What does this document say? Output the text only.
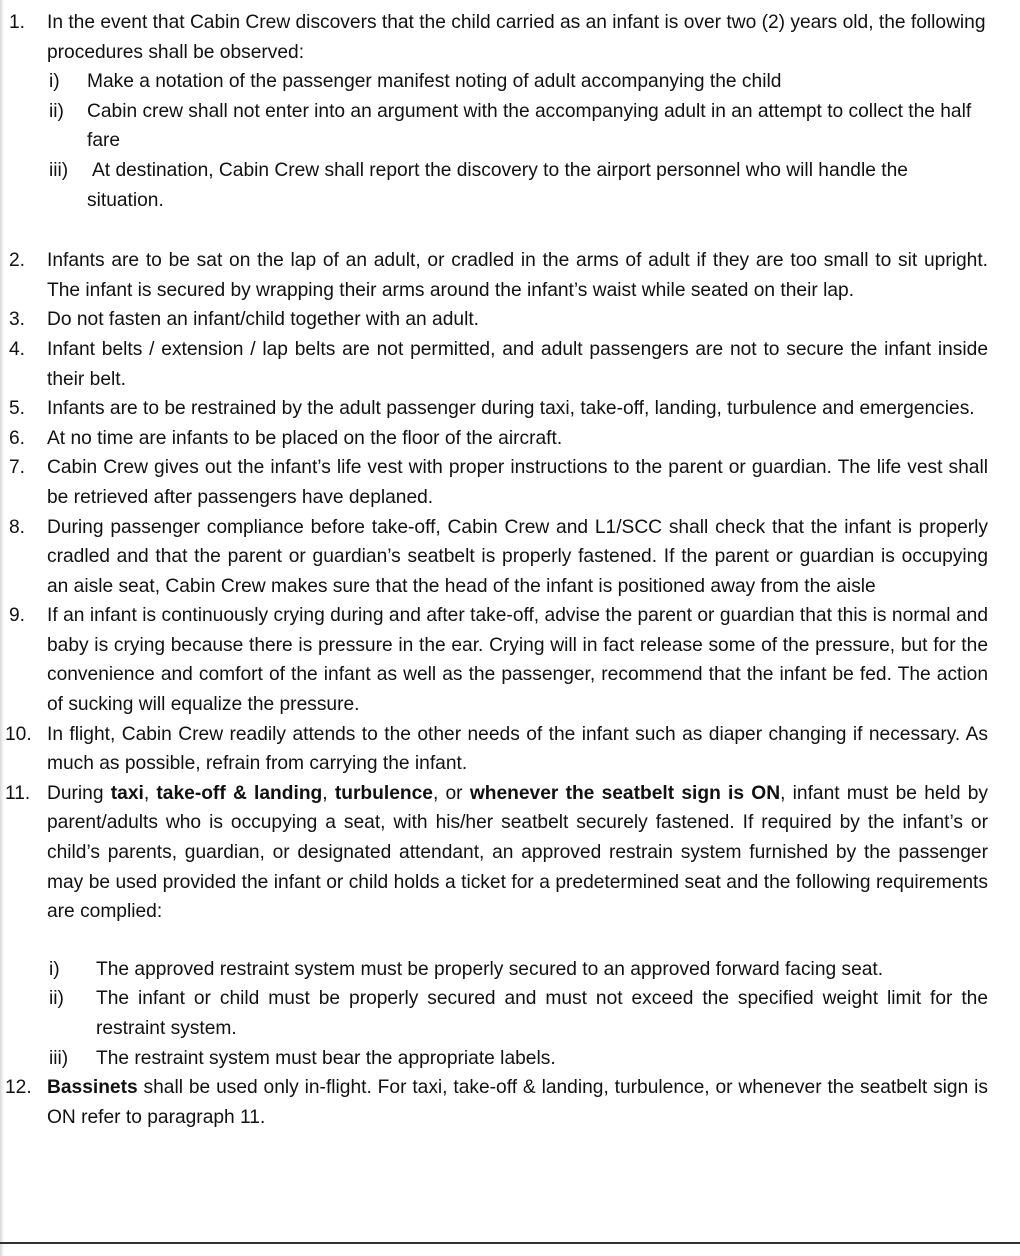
1. In the event that Cabin Crew discovers that the child carried as an infant is over two (2) years old, the following procedures shall be observed:
i) Make a notation of the passenger manifest noting of adult accompanying the child
ii) Cabin crew shall not enter into an argument with the accompanying adult in an attempt to collect the half fare
iii) At destination, Cabin Crew shall report the discovery to the airport personnel who will handle the situation.
2. Infants are to be sat on the lap of an adult, or cradled in the arms of adult if they are too small to sit upright. The infant is secured by wrapping their arms around the infant’s waist while seated on their lap.
3. Do not fasten an infant/child together with an adult.
4. Infant belts / extension / lap belts are not permitted, and adult passengers are not to secure the infant inside their belt.
5. Infants are to be restrained by the adult passenger during taxi, take-off, landing, turbulence and emergencies.
6. At no time are infants to be placed on the floor of the aircraft.
7. Cabin Crew gives out the infant’s life vest with proper instructions to the parent or guardian. The life vest shall be retrieved after passengers have deplaned.
8. During passenger compliance before take-off, Cabin Crew and L1/SCC shall check that the infant is properly cradled and that the parent or guardian’s seatbelt is properly fastened. If the parent or guardian is occupying an aisle seat, Cabin Crew makes sure that the head of the infant is positioned away from the aisle
9. If an infant is continuously crying during and after take-off, advise the parent or guardian that this is normal and baby is crying because there is pressure in the ear. Crying will in fact release some of the pressure, but for the convenience and comfort of the infant as well as the passenger, recommend that the infant be fed. The action of sucking will equalize the pressure.
10. In flight, Cabin Crew readily attends to the other needs of the infant such as diaper changing if necessary. As much as possible, refrain from carrying the infant.
11. During taxi, take-off & landing, turbulence, or whenever the seatbelt sign is ON, infant must be held by parent/adults who is occupying a seat, with his/her seatbelt securely fastened. If required by the infant’s or child’s parents, guardian, or designated attendant, an approved restrain system furnished by the passenger may be used provided the infant or child holds a ticket for a predetermined seat and the following requirements are complied:
i) The approved restraint system must be properly secured to an approved forward facing seat.
ii) The infant or child must be properly secured and must not exceed the specified weight limit for the restraint system.
iii) The restraint system must bear the appropriate labels.
12. Bassinets shall be used only in-flight. For taxi, take-off & landing, turbulence, or whenever the seatbelt sign is ON refer to paragraph 11.
